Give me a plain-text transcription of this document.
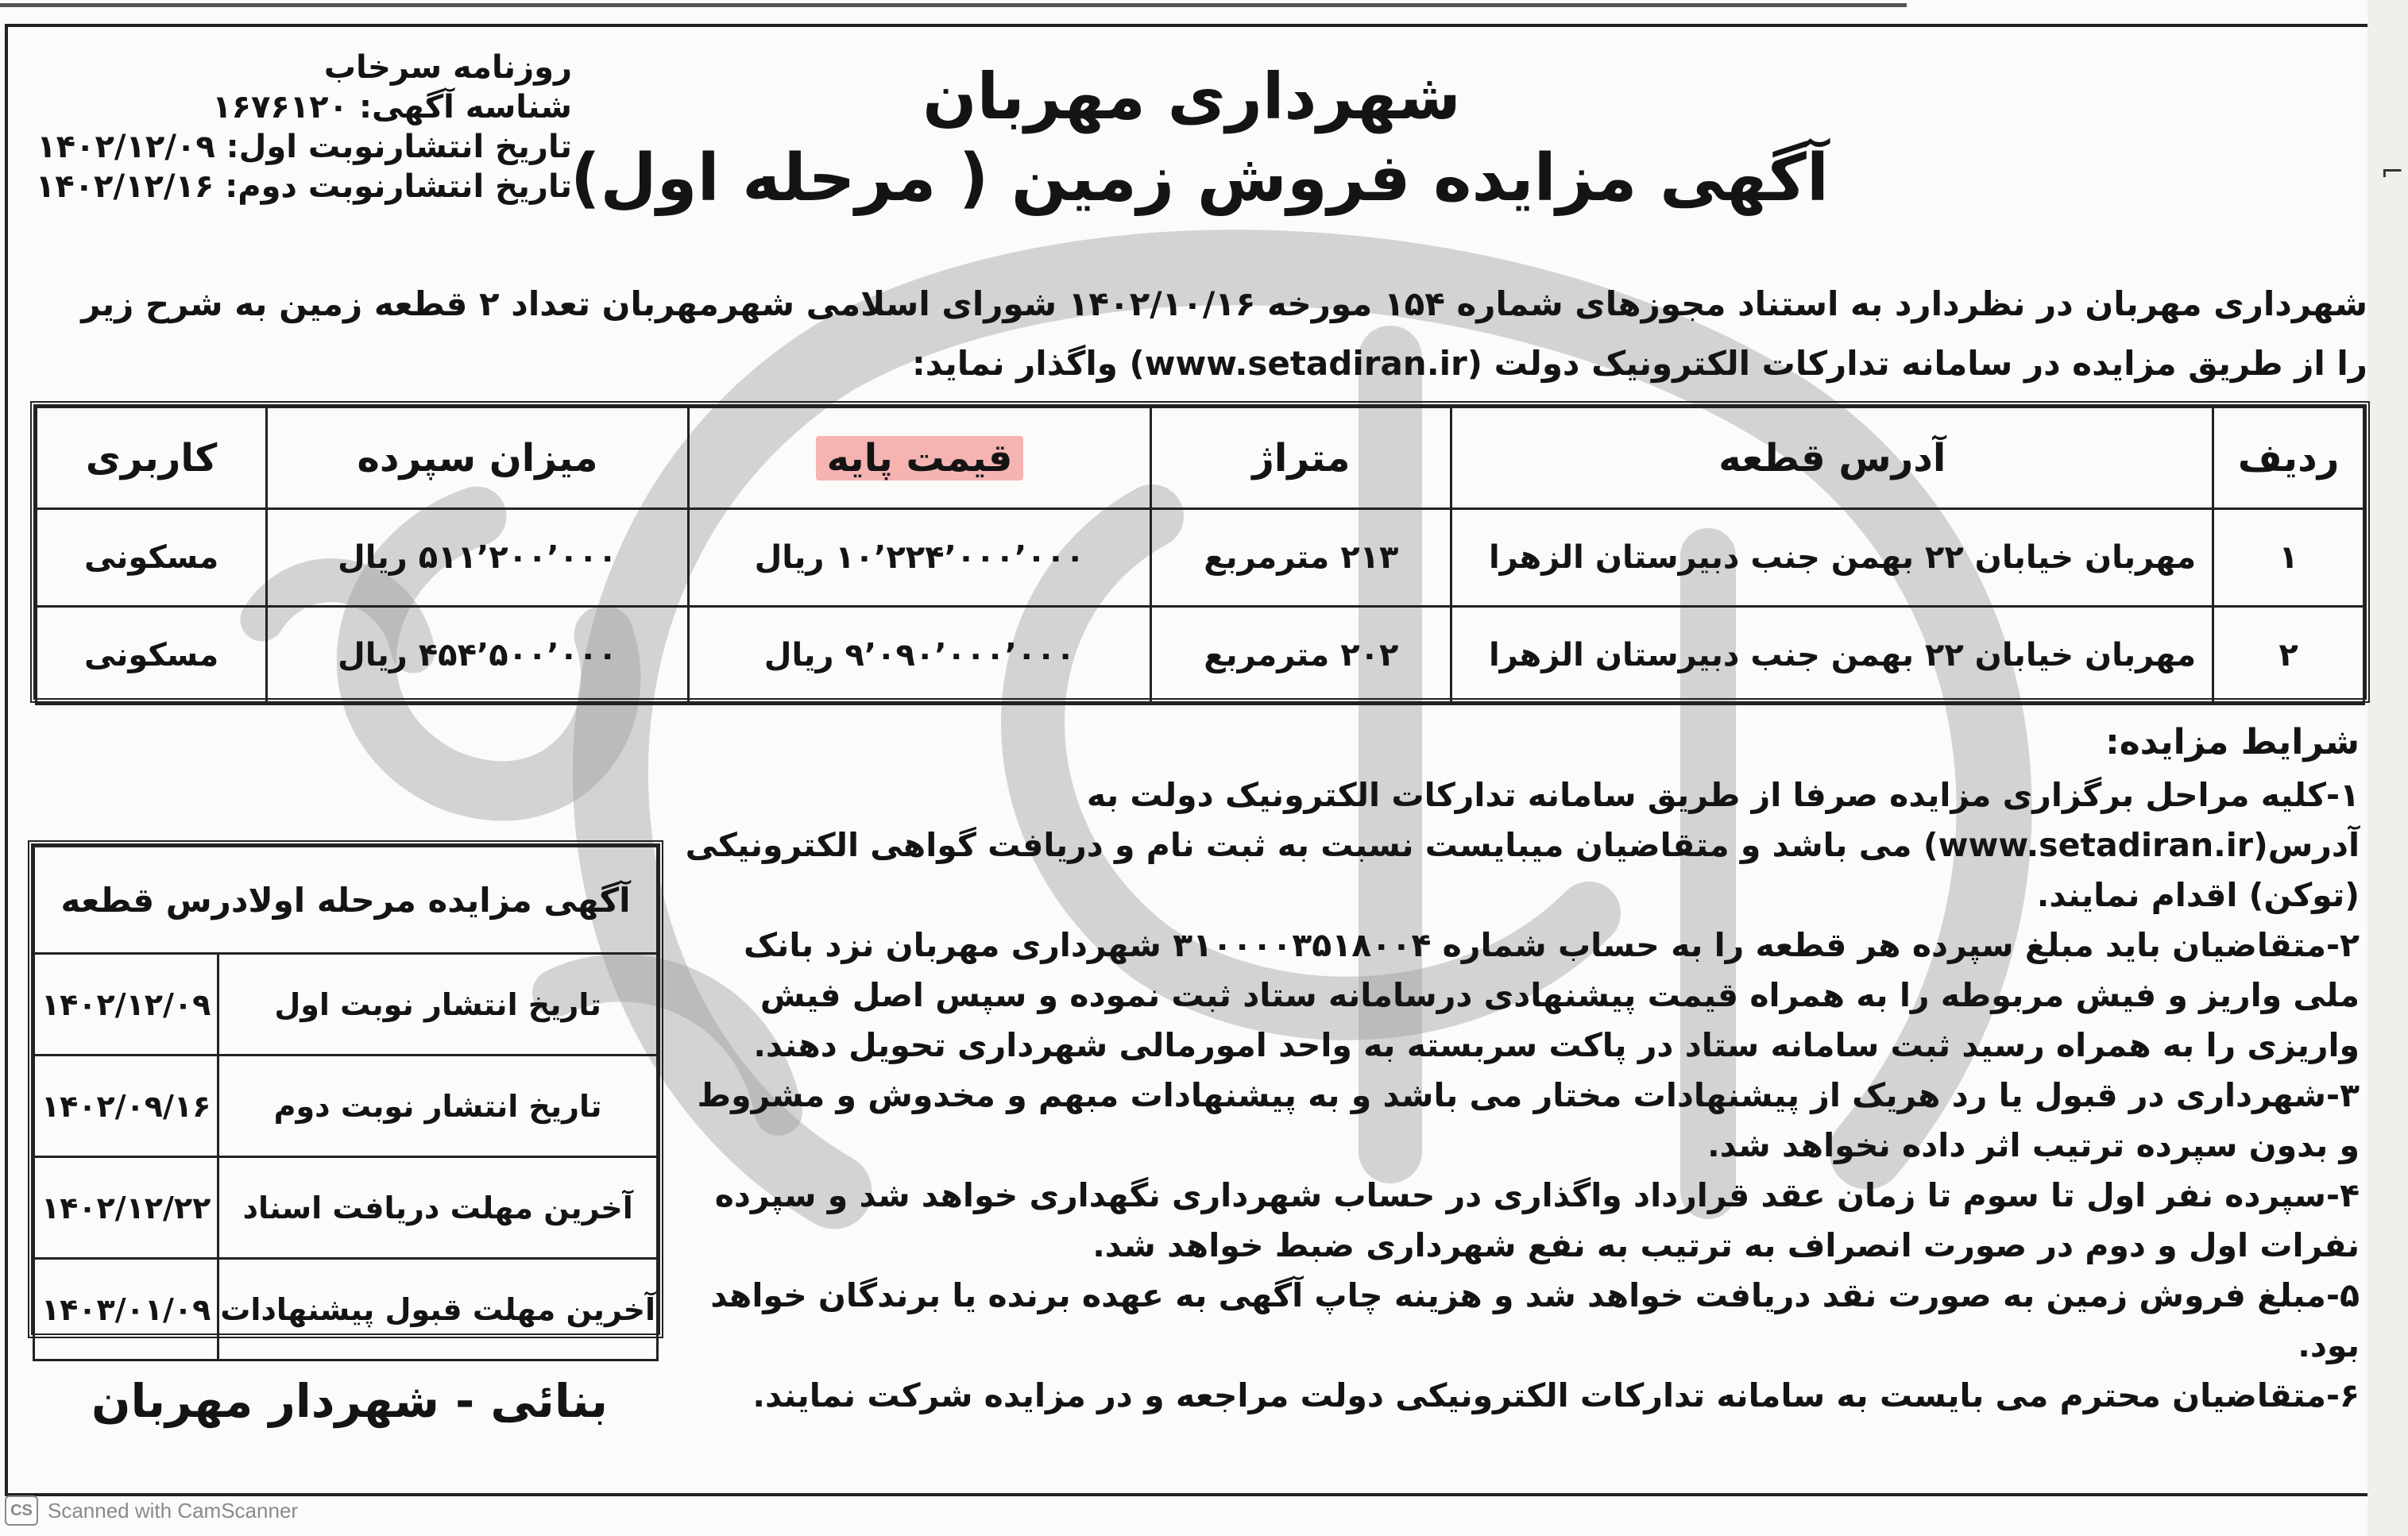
⌐
شهرداری مهربان
آگهی مزایده فروش زمین ( مرحله اول)
روزنامه سرخاب
شناسه آگهی: ۱۶۷۶۱۲۰
تاریخ انتشارنوبت اول: ۱۴۰۲/۱۲/۰۹
تاریخ انتشارنوبت دوم: ۱۴۰۲/۱۲/۱۶
شهرداری مهربان در نظردارد به استناد مجوزهای شماره ۱۵۴ مورخه ۱۴۰۲/۱۰/۱۶ شورای اسلامی شهرمهربان تعداد ۲ قطعه زمین به شرح زیر را از طریق مزایده در سامانه تدارکات الکترونیک دولت (www.setadiran.ir) واگذار نماید:
ردیف	آدرس قطعه	متراژ	قیمت پایه	میزان سپرده	کاربری
۱	مهربان خیابان ۲۲ بهمن جنب دبیرستان الزهرا	۲۱۳ مترمربع	۱۰٬۲۲۴٬۰۰۰٬۰۰۰ ریال	۵۱۱٬۲۰۰٬۰۰۰ ریال	مسکونی
۲	مهربان خیابان ۲۲ بهمن جنب دبیرستان الزهرا	۲۰۲ مترمربع	۹٬۰۹۰٬۰۰۰٬۰۰۰ ریال	۴۵۴٬۵۰۰٬۰۰۰ ریال	مسکونی
شرایط مزایده:
۱-کلیه مراحل برگزاری مزایده صرفا از طریق سامانه تدارکات الکترونیک دولت به آدرس(www.setadiran.ir) می باشد و متقاضیان میبایست نسبت به ثبت نام و دریافت گواهی الکترونیکی (توکن) اقدام نمایند.
۲-متقاضیان باید مبلغ سپرده هر قطعه را به حساب شماره ۳۱۰۰۰۰۳۵۱۸۰۰۴ شهرداری مهربان نزد بانک ملی واریز و فیش مربوطه را به همراه قیمت پیشنهادی درسامانه ستاد ثبت نموده و سپس اصل فیش واریزی را به همراه رسید ثبت سامانه ستاد در پاکت سربسته به واحد امورمالی شهرداری تحویل دهند.
۳-شهرداری در قبول یا رد هریک از پیشنهادات مختار می باشد و به پیشنهادات مبهم و مخدوش و مشروط و بدون سپرده ترتیب اثر داده نخواهد شد.
۴-سپرده نفر اول تا سوم تا زمان عقد قرارداد واگذاری در حساب شهرداری نگهداری خواهد شد و سپرده نفرات اول و دوم در صورت انصراف به ترتیب به نفع شهرداری ضبط خواهد شد.
۵-مبلغ فروش زمین به صورت نقد دریافت خواهد شد و هزینه چاپ آگهی به عهده برنده یا برندگان خواهد بود.
۶-متقاضیان محترم می بایست به سامانه تدارکات الکترونیکی دولت مراجعه و در مزایده شرکت نمایند.
آگهی مزایده مرحله اولادرس قطعه	
تاریخ انتشار نوبت اول	۱۴۰۲/۱۲/۰۹
تاریخ انتشار نوبت دوم	۱۴۰۲/۰۹/۱۶
آخرین مهلت دریافت اسناد	۱۴۰۲/۱۲/۲۲
آخرین مهلت قبول پیشنهادات	۱۴۰۳/۰۱/۰۹
بنائی - شهردار مهربان
CS Scanned with CamScanner
